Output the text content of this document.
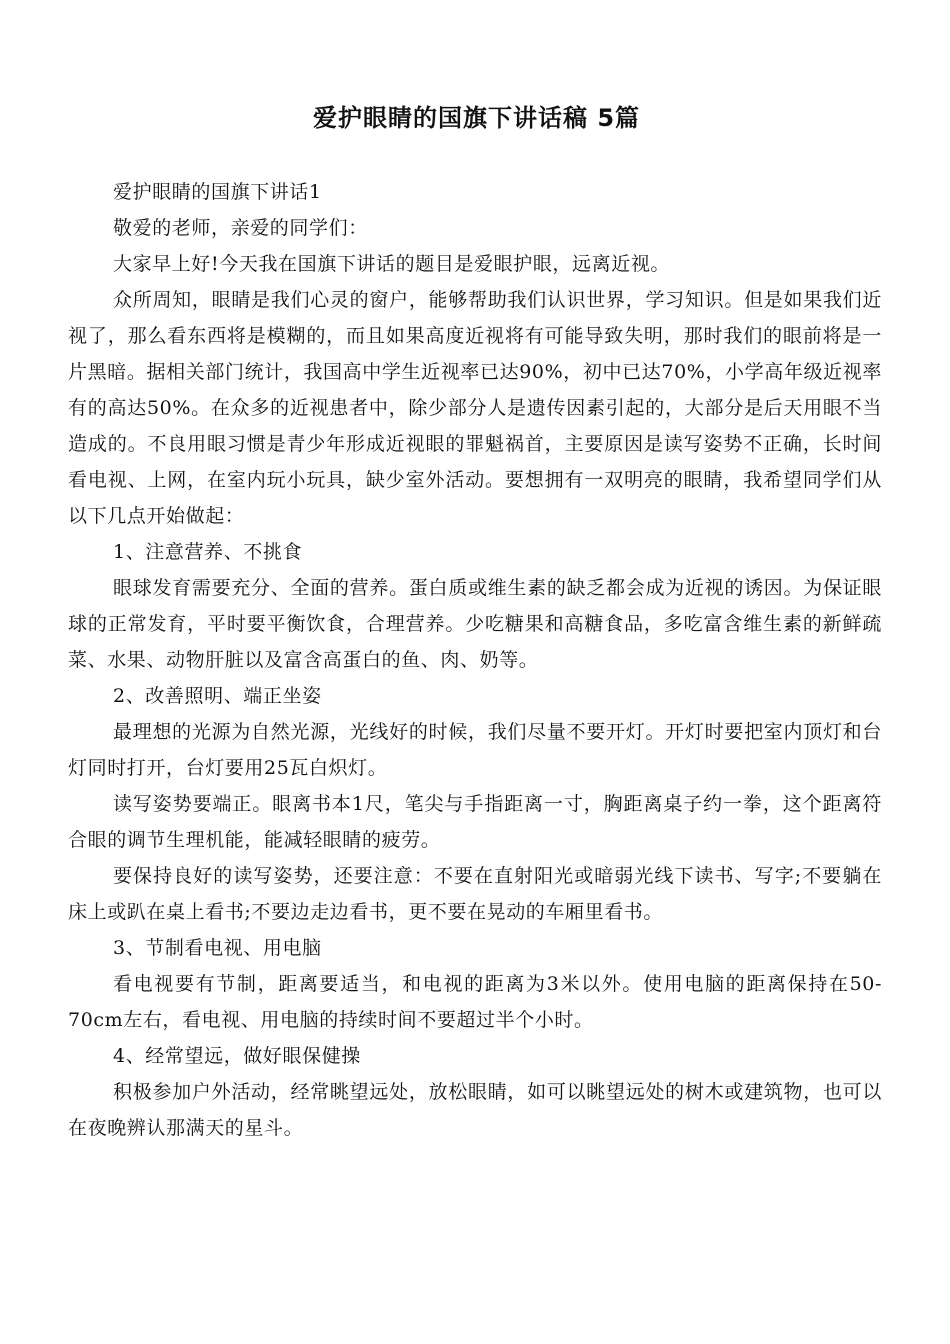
爱护眼睛的国旗下讲话稿 5篇

爱护眼睛的国旗下讲话1

敬爱的老师，亲爱的同学们：

大家早上好!今天我在国旗下讲话的题目是爱眼护眼，远离近视。

众所周知，眼睛是我们心灵的窗户，能够帮助我们认识世界，学习知识。但是如果我们近视了，那么看东西将是模糊的，而且如果高度近视将有可能导致失明，那时我们的眼前将是一片黑暗。据相关部门统计，我国高中学生近视率已达90%，初中已达70%，小学高年级近视率有的高达50%。在众多的近视患者中，除少部分人是遗传因素引起的，大部分是后天用眼不当造成的。不良用眼习惯是青少年形成近视眼的罪魁祸首，主要原因是读写姿势不正确，长时间看电视、上网，在室内玩小玩具，缺少室外活动。要想拥有一双明亮的眼睛，我希望同学们从以下几点开始做起：

1、注意营养、不挑食

眼球发育需要充分、全面的营养。蛋白质或维生素的缺乏都会成为近视的诱因。为保证眼球的正常发育，平时要平衡饮食，合理营养。少吃糖果和高糖食品，多吃富含维生素的新鲜疏菜、水果、动物肝脏以及富含高蛋白的鱼、肉、奶等。

2、改善照明、端正坐姿

最理想的光源为自然光源，光线好的时候，我们尽量不要开灯。开灯时要把室内顶灯和台灯同时打开，台灯要用25瓦白炽灯。

读写姿势要端正。眼离书本1尺，笔尖与手指距离一寸，胸距离桌子约一拳，这个距离符合眼的调节生理机能，能减轻眼睛的疲劳。

要保持良好的读写姿势，还要注意：不要在直射阳光或暗弱光线下读书、写字;不要躺在床上或趴在桌上看书;不要边走边看书，更不要在晃动的车厢里看书。

3、节制看电视、用电脑

看电视要有节制，距离要适当，和电视的距离为3米以外。使用电脑的距离保持在50-70cm左右，看电视、用电脑的持续时间不要超过半个小时。

4、经常望远，做好眼保健操

积极参加户外活动，经常眺望远处，放松眼睛，如可以眺望远处的树木或建筑物，也可以在夜晚辨认那满天的星斗。
